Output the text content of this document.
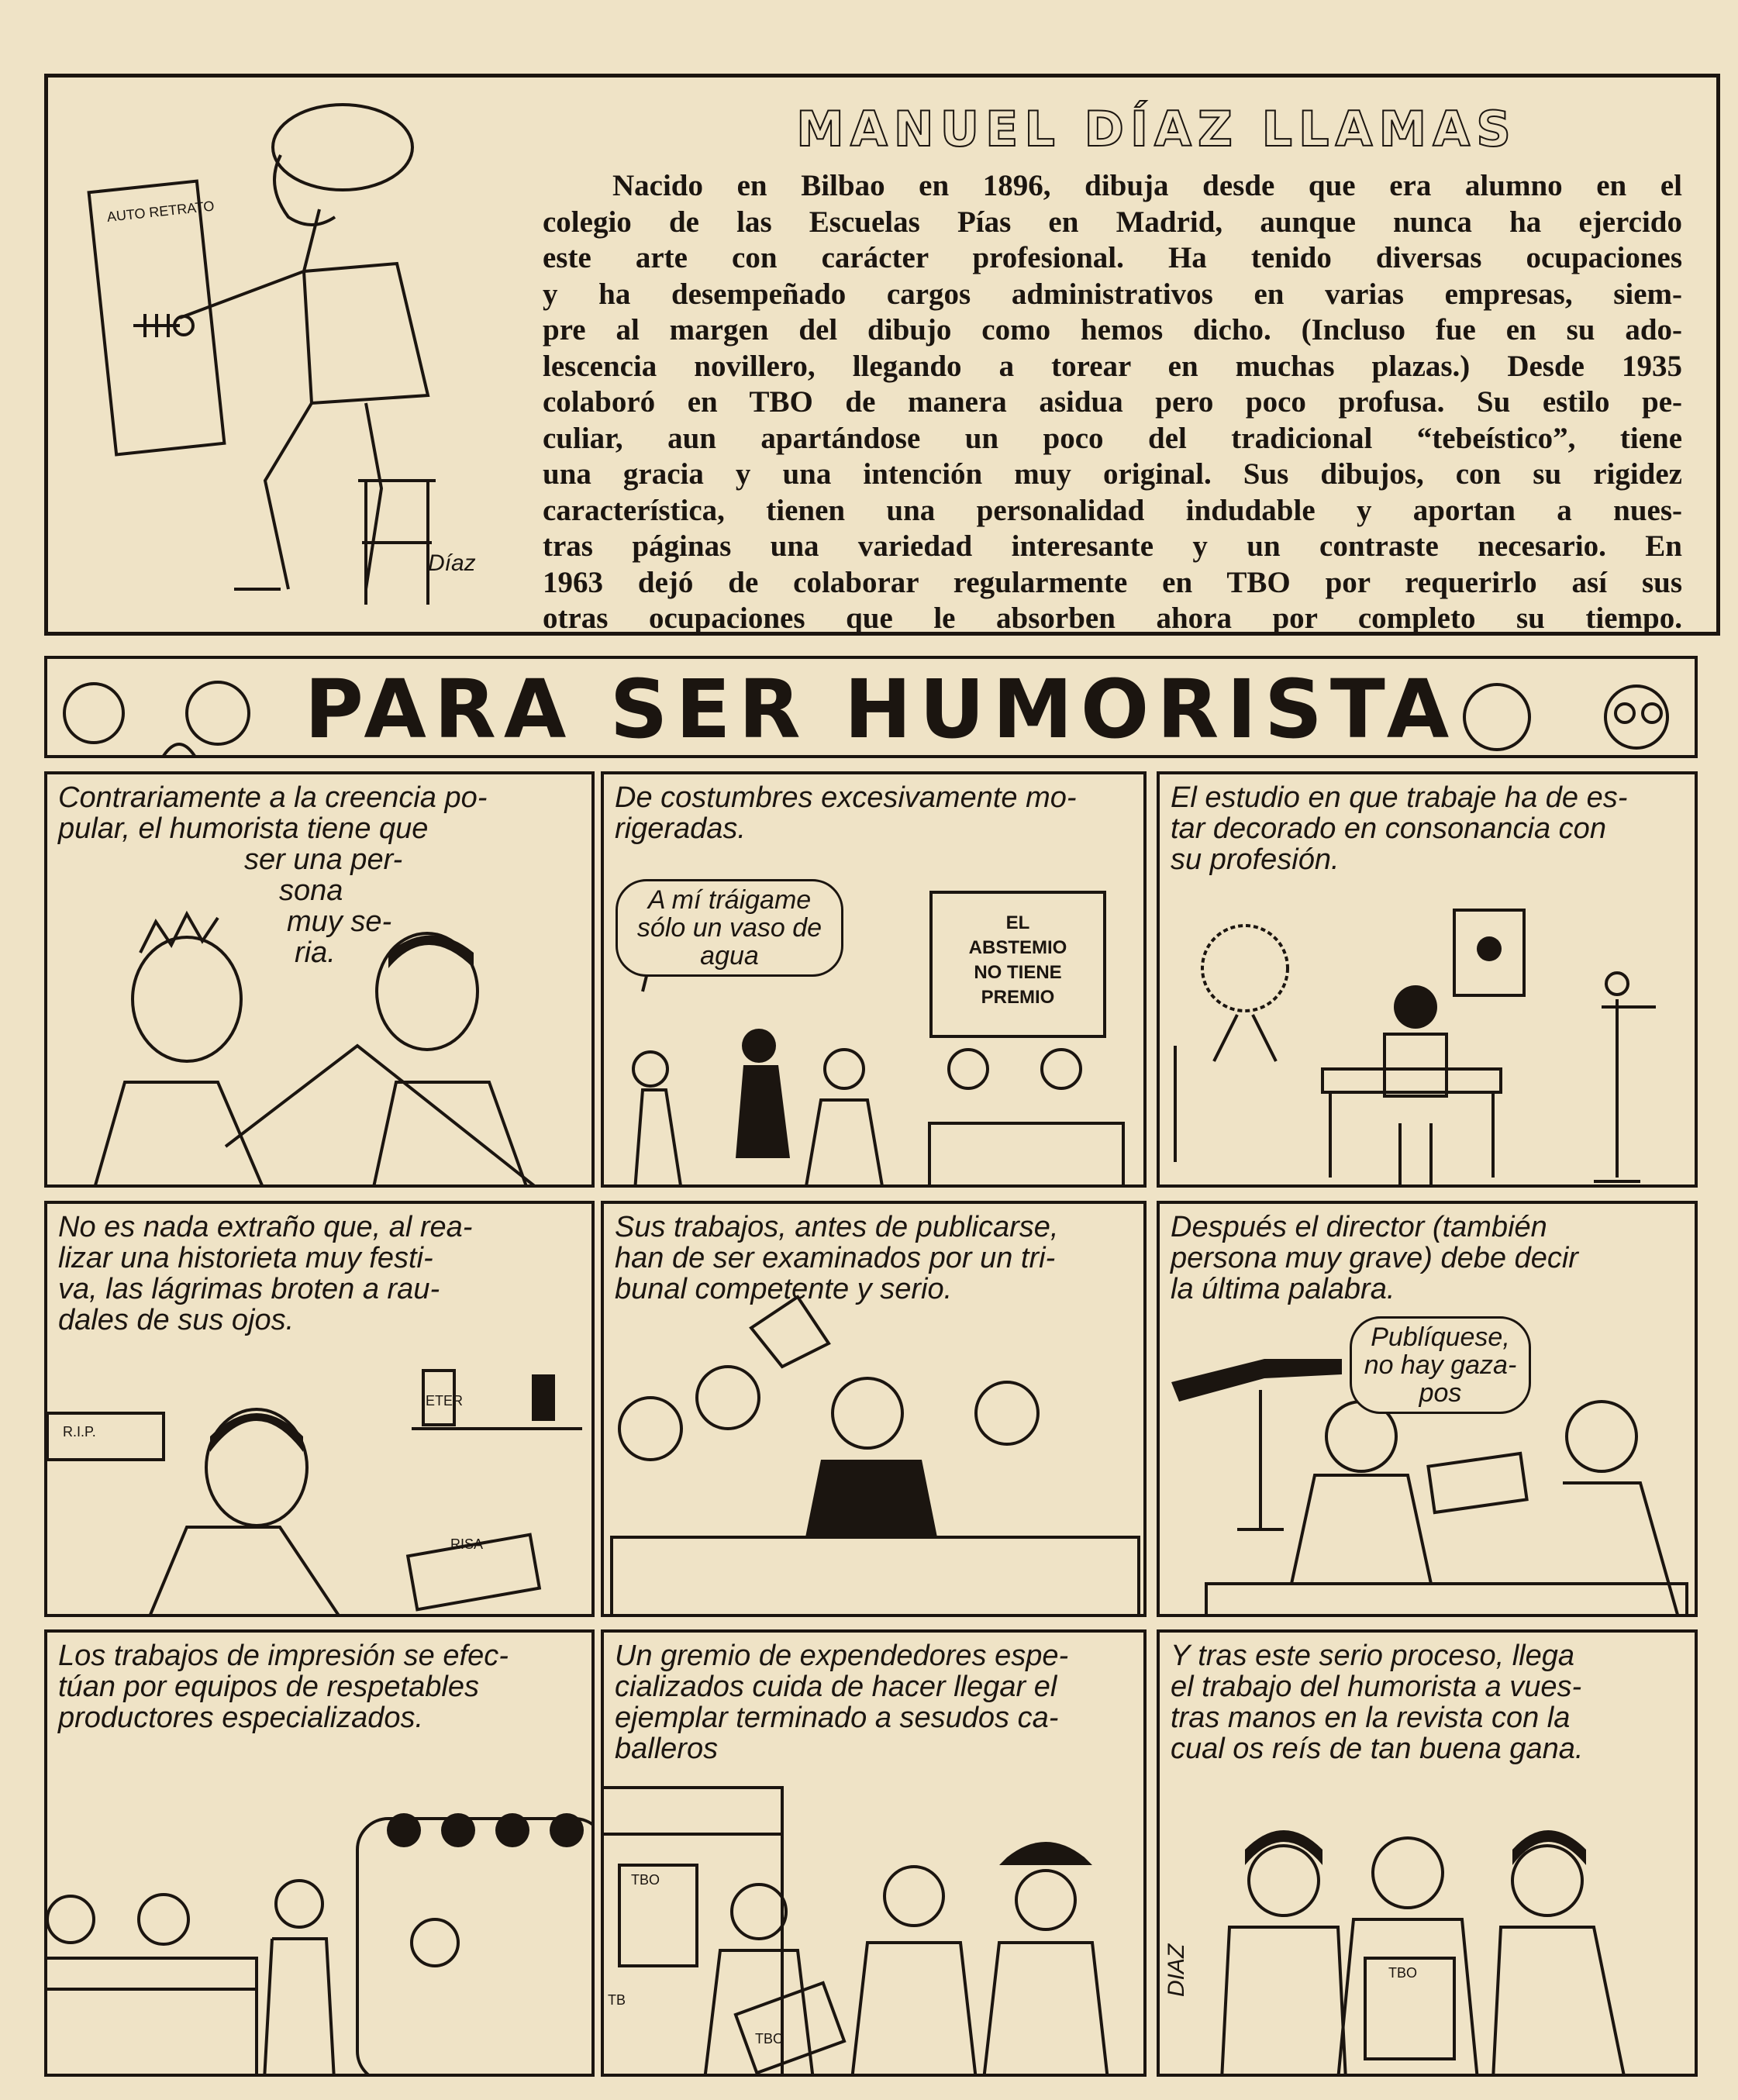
AUTO RETRATO
Díaz
MANUEL DÍAZ LLAMAS
Nacido en Bilbao en 1896, dibuja desde que era alumno en el
colegio de las Escuelas Pías en Madrid, aunque nunca ha ejercido
este arte con carácter profesional. Ha tenido diversas ocupaciones
y ha desempeñado cargos administrativos en varias empresas, siem-
pre al margen del dibujo como hemos dicho. (Incluso fue en su ado-
lescencia novillero, llegando a torear en muchas plazas.) Desde 1935
colaboró en TBO de manera asidua pero poco profusa. Su estilo pe-
culiar, aun apartándose un poco del tradicional “tebeístico”, tiene
una gracia y una intención muy original. Sus dibujos, con su rigidez
característica, tienen una personalidad indudable y aportan a nues-
tras páginas una variedad interesante y un contraste necesario. En
1963 dejó de colaborar regularmente en TBO por requerirlo así sus
otras ocupaciones que le absorben ahora por completo su tiempo.
PARA SER HUMORISTA
Contrariamente a la creencia po-
pular, el humorista tiene que
ser una per-
sona
muy se-
ria.
De costumbres excesivamente mo-
rigeradas.
A mí tráigame sólo un vaso de agua
EL
ABSTEMIO
NO TIENE
PREMIO
El estudio en que trabaje ha de es-
tar decorado en consonancia con
su profesión.
R.I.P.
ETER
RISA
No es nada extraño que, al rea-
lizar una historieta muy festi-
va, las lágrimas broten a rau-
dales de sus ojos.
Sus trabajos, antes de publicarse,
han de ser examinados por un tri-
bunal competente y serio.
Después el director (también
persona muy grave) debe decir
la última palabra.
Publíquese, no hay gaza-pos
Los trabajos de impresión se efec-
túan por equipos de respetables
productores especializados.
TBO
TB
TBO
Un gremio de expendedores espe-
cializados cuida de hacer llegar el
ejemplar terminado a sesudos ca-
balleros
TBO
Y tras este serio proceso, llega
el trabajo del humorista a vues-
tras manos en la revista con la
cual os reís de tan buena gana.
DIAZ
